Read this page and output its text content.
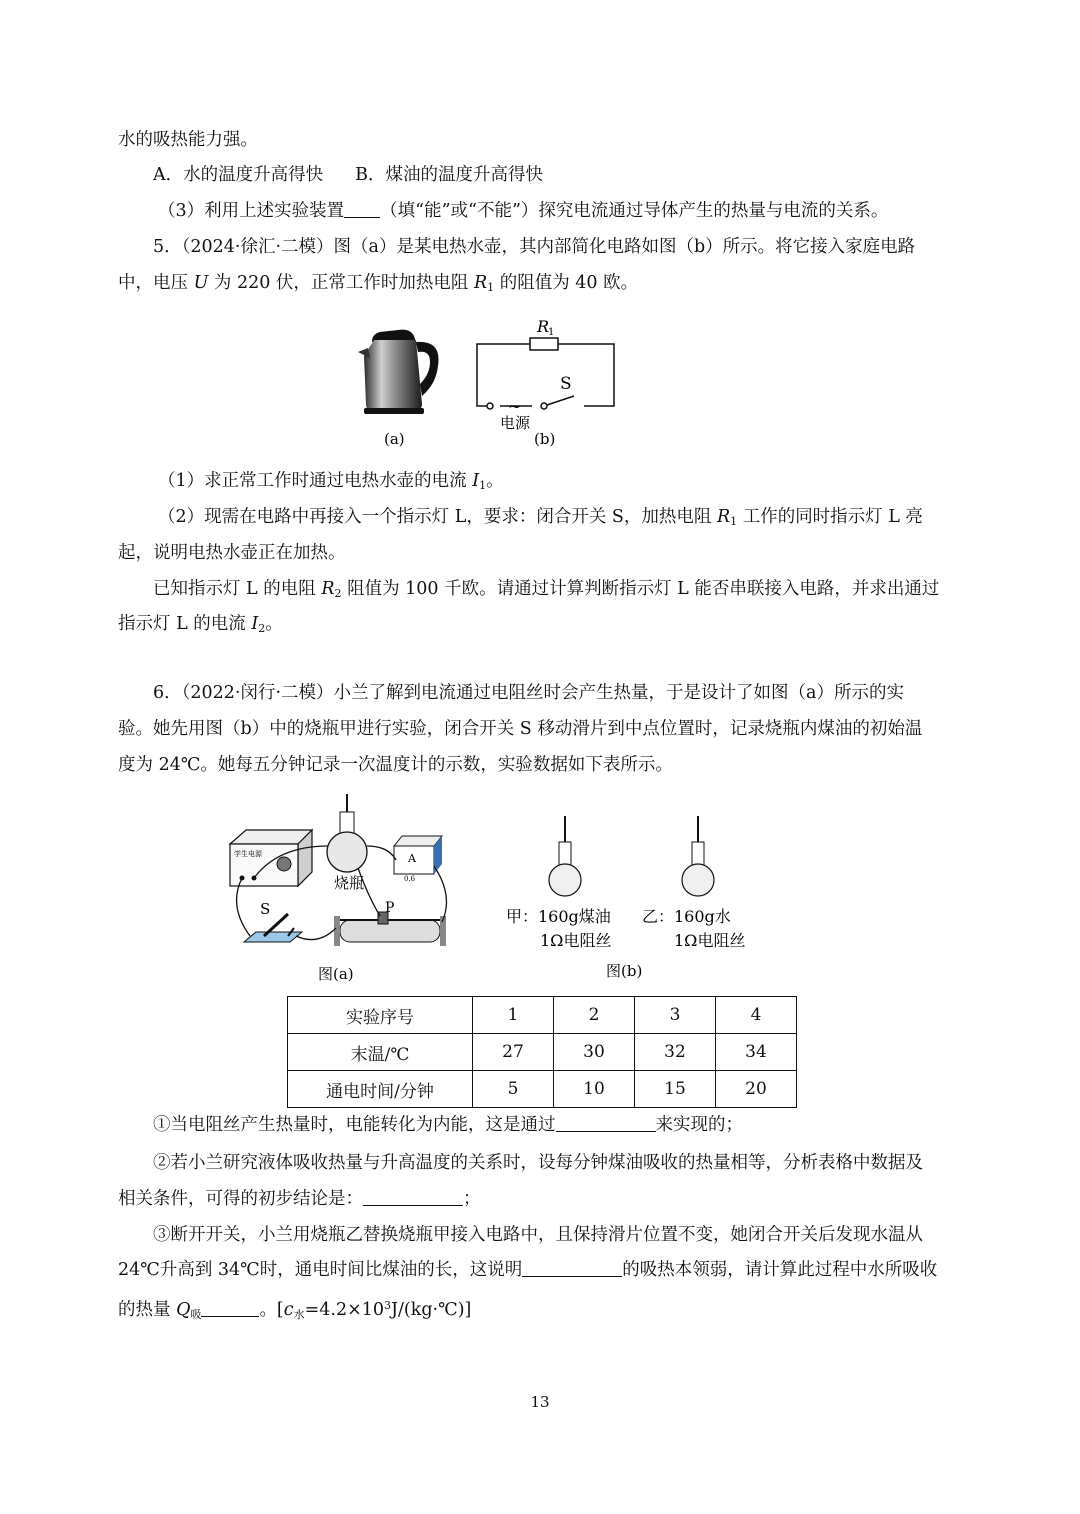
水的吸热能力强。
A．水的温度升高得快 B．煤油的温度升高得快
（3）利用上述实验装置 （填“能”或“不能”）探究电流通过导体产生的热量与电流的关系。
5．（2024·徐汇·二模）图（a）是某电热水壶，其内部简化电路如图（b）所示。将它接入家庭电路
中，电压 U 为 220 伏，正常工作时加热电阻 $R_1$ 的阻值为 40 欧。
R
1
S
~
电源
(a)	(b)
（1）求正常工作时通过电热水壶的电流 $I_1$。
（2）现需在电路中再接入一个指示灯 L，要求：闭合开关 S，加热电阻 $R_1$ 工作的同时指示灯 L 亮
起，说明电热水壶正在加热。
已知指示灯 L 的电阻 $R_2$ 阻值为 100 千欧。请通过计算判断指示灯 L 能否串联接入电路，并求出通过
指示灯 L 的电流 $I_2$。
6．（2022·闵行·二模）小兰了解到电流通过电阻丝时会产生热量，于是设计了如图（a）所示的实
验。她先用图（b）中的烧瓶甲进行实验，闭合开关 S 移动滑片到中点位置时，记录烧瓶内煤油的初始温
度为 24℃。她每五分钟记录一次温度计的示数，实验数据如下表所示。
学生电源
烧瓶
A
0.6
S	P
图(a)
甲：160g煤油
1Ω电阻丝
乙：160g水
1Ω电阻丝
图(b)
实验序号	1	2	3	4
末温/℃	27	30	32	34
通电时间/分钟	5	10	15	20
①当电阻丝产生热量时，电能转化为内能，这是通过	来实现的；
②若小兰研究液体吸收热量与升高温度的关系时，设每分钟煤油吸收的热量相等，分析表格中数据及
相关条件，可得的初步结论是：	；
③断开开关，小兰用烧瓶乙替换烧瓶甲接入电路中，且保持滑片位置不变，她闭合开关后发现水温从
24℃升高到 34℃时，通电时间比煤油的长，这说明	的吸热本领弱，请计算此过程中水所吸收
的热量 $Q_吸$	。$[c_水=4.2\times 10^3J/(kg\cdot℃)]$
13
